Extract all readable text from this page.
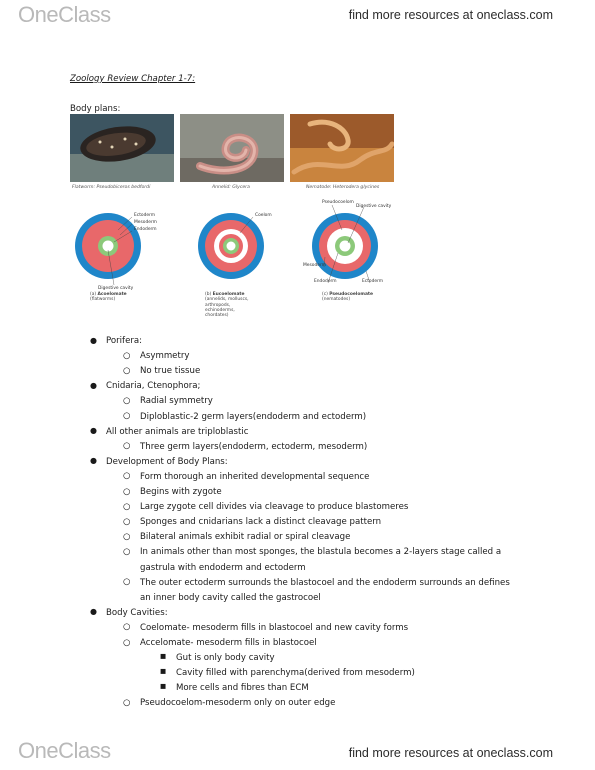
OneClass	find more resources at oneclass.com
Zoology Review Chapter 1-7:
Body plans:
Flatworm: Pseudobiceros bedfordi	Annelid: Glycera	Nematode: Heterodera glycines
Ectoderm
Mesoderm
Endoderm
Digestive cavity
Coelom
Pseudocoelom
Digestive cavity
Mesoderm
Endoderm	Ectoderm
(a) Acoelomate
(flatworms)
(b) Eucoelomate
(annelids, molluscs, arthropods, echinoderms, chordates)
(c) Pseudocoelomate
(nematodes)
● Porifera:
○ Asymmetry
○ No true tissue
● Cnidaria, Ctenophora;
○ Radial symmetry
○ Diploblastic-2 germ layers(endoderm and ectoderm)
● All other animals are triploblastic
○ Three germ layers(endoderm, ectoderm, mesoderm)
● Development of Body Plans:
○ Form thorough an inherited developmental sequence
○ Begins with zygote
○ Large zygote cell divides via cleavage to produce blastomeres
○ Sponges and cnidarians lack a distinct cleavage pattern
○ Bilateral animals exhibit radial or spiral cleavage
○ In animals other than most sponges, the blastula becomes a 2-layers stage called a
gastrula with endoderm and ectoderm
○ The outer ectoderm surrounds the blastocoel and the endoderm surrounds an defines
an inner body cavity called the gastrocoel
● Body Cavities:
○ Coelomate- mesoderm fills in blastocoel and new cavity forms
○ Accelomate- mesoderm fills in blastocoel
■ Gut is only body cavity
■ Cavity filled with parenchyma(derived from mesoderm)
■ More cells and fibres than ECM
○ Pseudocoelom-mesoderm only on outer edge
OneClass	find more resources at oneclass.com
